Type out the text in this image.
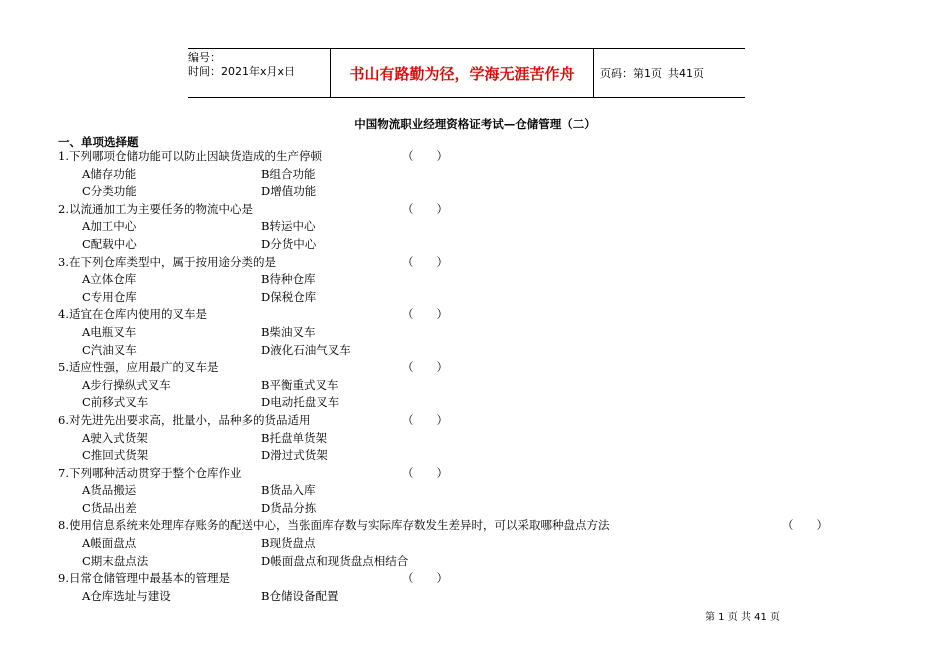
编号：
时间：2021年x月x日	书山有路勤为径，学海无涯苦作舟	页码：第1页 共41页
中国物流职业经理资格证考试—仓储管理（二）
一、单项选择题
1.下列哪项仓储功能可以防止因缺货造成的生产停顿	（　　）
A储存功能	B组合功能
C分类功能	D增值功能
2.以流通加工为主要任务的物流中心是	（　　）
A加工中心	B转运中心
C配载中心	D分货中心
3.在下列仓库类型中，属于按用途分类的是	（　　）
A立体仓库	B待种仓库
C专用仓库	D保税仓库
4.适宜在仓库内使用的叉车是	（　　）
A电瓶叉车	B柴油叉车
C汽油叉车	D液化石油气叉车
5.适应性强，应用最广的叉车是	（　　）
A步行操纵式叉车	B平衡重式叉车
C前移式叉车	D电动托盘叉车
6.对先进先出要求高，批量小，品种多的货品适用	（　　）
A驶入式货架	B托盘单货架
C推回式货架	D滑过式货架
7.下列哪种活动贯穿于整个仓库作业	（　　）
A货品搬运	B货品入库
C货品出差	D货品分拣
8.使用信息系统来处理库存账务的配送中心，当张面库存数与实际库存数发生差异时，可以采取哪种盘点方法	（　　）
A帳面盘点	B现货盘点
C期末盘点法	D帳面盘点和现货盘点相结合
9.日常仓储管理中最基本的管理是	（　　）
A仓库选址与建设	B仓储设备配置
第 1 页 共 41 页
